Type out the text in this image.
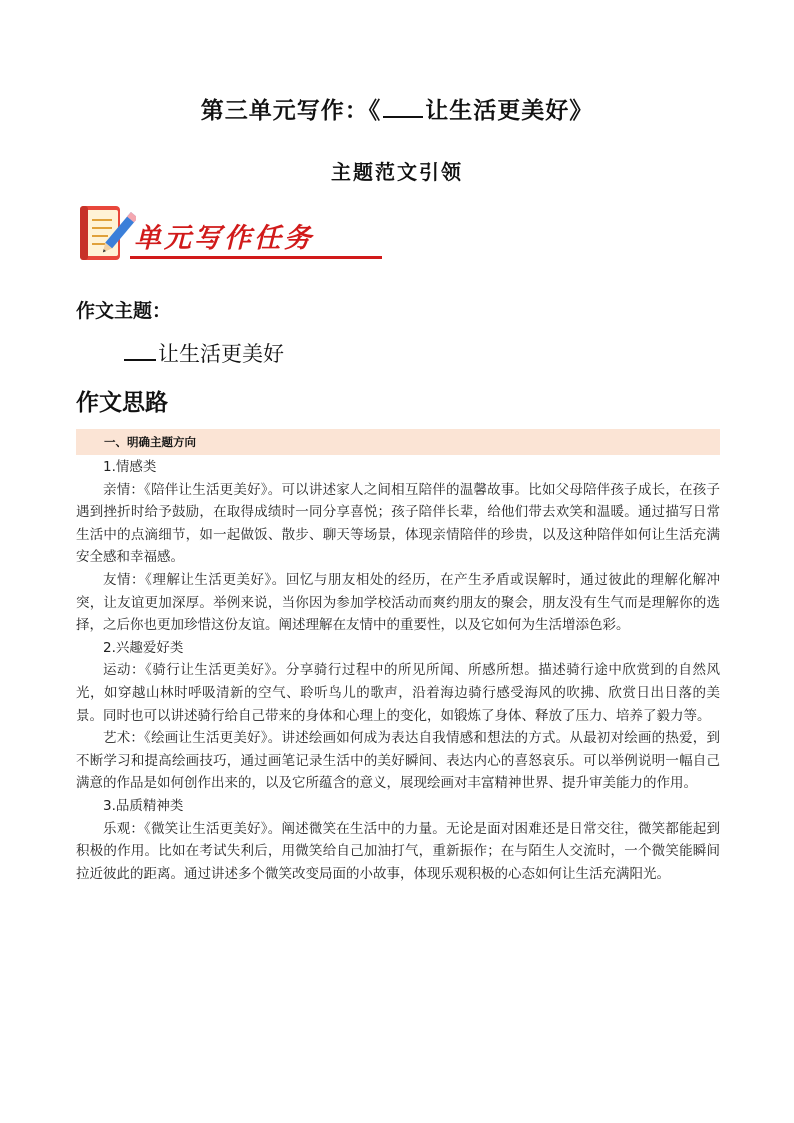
第三单元写作：《 让生活更美好》
主题范文引领
单元写作任务
作文主题：
让生活更美好
作文思路
一、明确主题方向

1.情感类

亲情：《陪伴让生活更美好》。可以讲述家人之间相互陪伴的温馨故事。比如父母陪伴孩子成长，在孩子遇到挫折时给予鼓励，在取得成绩时一同分享喜悦；孩子陪伴长辈，给他们带去欢笑和温暖。通过描写日常生活中的点滴细节，如一起做饭、散步、聊天等场景，体现亲情陪伴的珍贵，以及这种陪伴如何让生活充满安全感和幸福感。

友情：《理解让生活更美好》。回忆与朋友相处的经历，在产生矛盾或误解时，通过彼此的理解化解冲突，让友谊更加深厚。举例来说，当你因为参加学校活动而爽约朋友的聚会，朋友没有生气而是理解你的选择，之后你也更加珍惜这份友谊。阐述理解在友情中的重要性，以及它如何为生活增添色彩。

2.兴趣爱好类

运动：《骑行让生活更美好》。分享骑行过程中的所见所闻、所感所想。描述骑行途中欣赏到的自然风光，如穿越山林时呼吸清新的空气、聆听鸟儿的歌声，沿着海边骑行感受海风的吹拂、欣赏日出日落的美景。同时也可以讲述骑行给自己带来的身体和心理上的变化，如锻炼了身体、释放了压力、培养了毅力等。

艺术：《绘画让生活更美好》。讲述绘画如何成为表达自我情感和想法的方式。从最初对绘画的热爱，到不断学习和提高绘画技巧，通过画笔记录生活中的美好瞬间、表达内心的喜怒哀乐。可以举例说明一幅自己满意的作品是如何创作出来的，以及它所蕴含的意义，展现绘画对丰富精神世界、提升审美能力的作用。

3.品质精神类

乐观：《微笑让生活更美好》。阐述微笑在生活中的力量。无论是面对困难还是日常交往，微笑都能起到积极的作用。比如在考试失利后，用微笑给自己加油打气，重新振作；在与陌生人交流时，一个微笑能瞬间拉近彼此的距离。通过讲述多个微笑改变局面的小故事，体现乐观积极的心态如何让生活充满阳光。
